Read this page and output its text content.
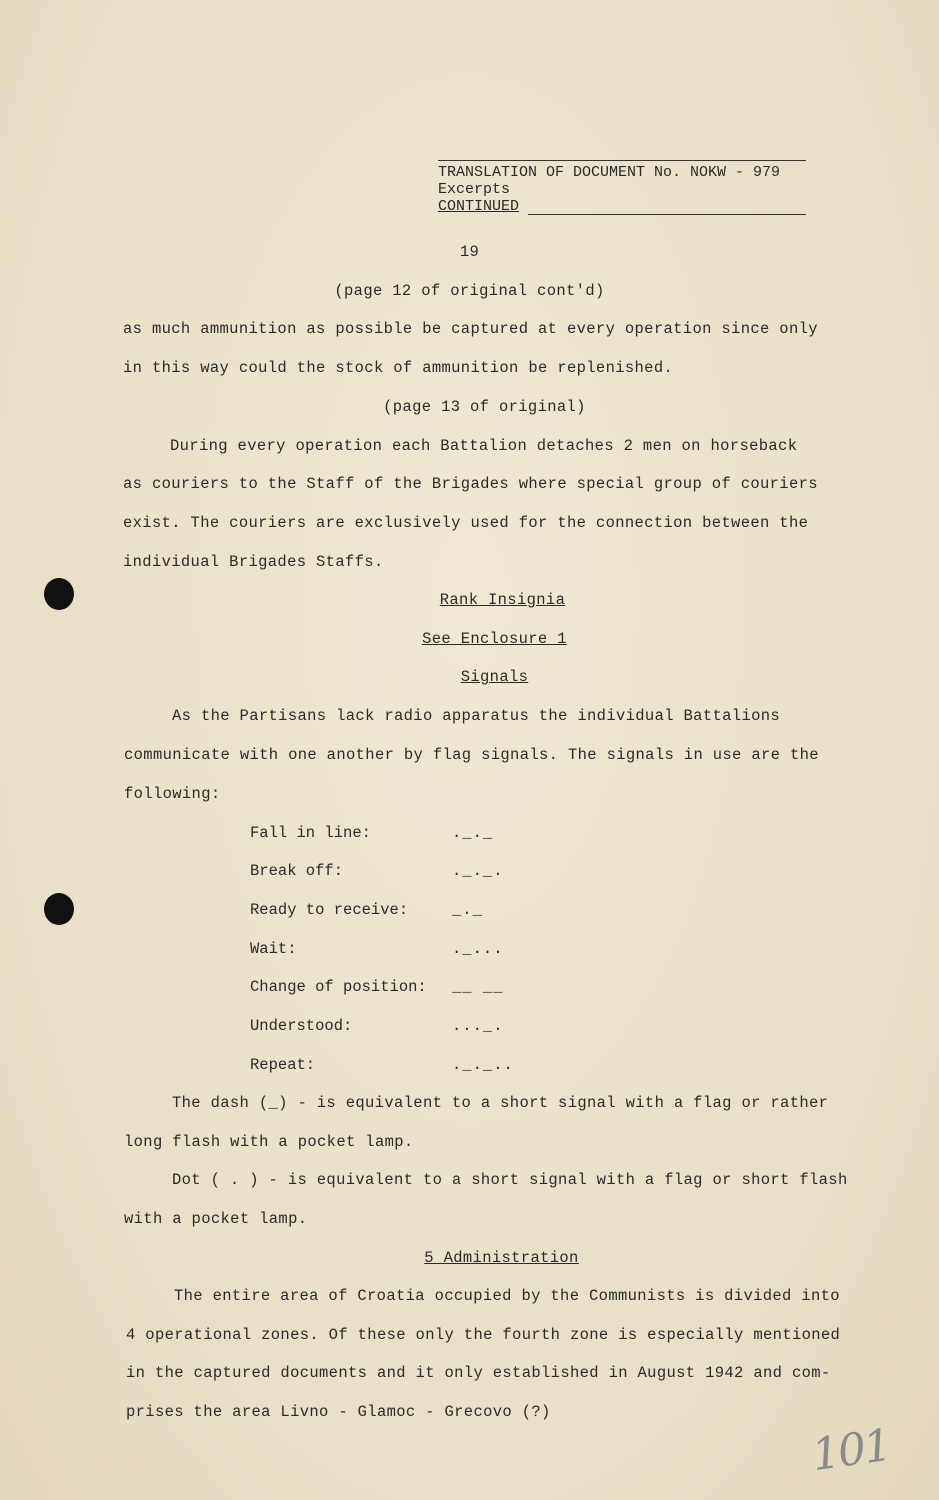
TRANSLATION OF DOCUMENT No. NOKW - 979
Excerpts
CONTINUED
19
(page 12 of original cont'd)
as much ammunition as possible be captured at every operation since only
in this way could the stock of ammunition be replenished.
(page 13 of original)
During every operation each Battalion detaches 2 men on horseback
as couriers to the Staff of the Brigades where special group of couriers
exist. The couriers are exclusively used for the connection between the
individual Brigades Staffs.
Rank Insignia
See Enclosure 1
Signals
As the Partisans lack radio apparatus the individual Battalions
communicate with one another by flag signals. The signals in use are the
following:
Fall in line:	._._
Break off:	._._.
Ready to receive:	_._
Wait:	._...
Change of position: __ __
Understood:	..._.
Repeat:	._._..
The dash (_) - is equivalent to a short signal with a flag or rather
long flash with a pocket lamp.
Dot ( . ) - is equivalent to a short signal with a flag or short flash
with a pocket lamp.
5 Administration
The entire area of Croatia occupied by the Communists is divided into
4 operational zones. Of these only the fourth zone is especially mentioned
in the captured documents and it only established in August 1942 and com-
prises the area Livno - Glamoc - Grecovo (?)
101
